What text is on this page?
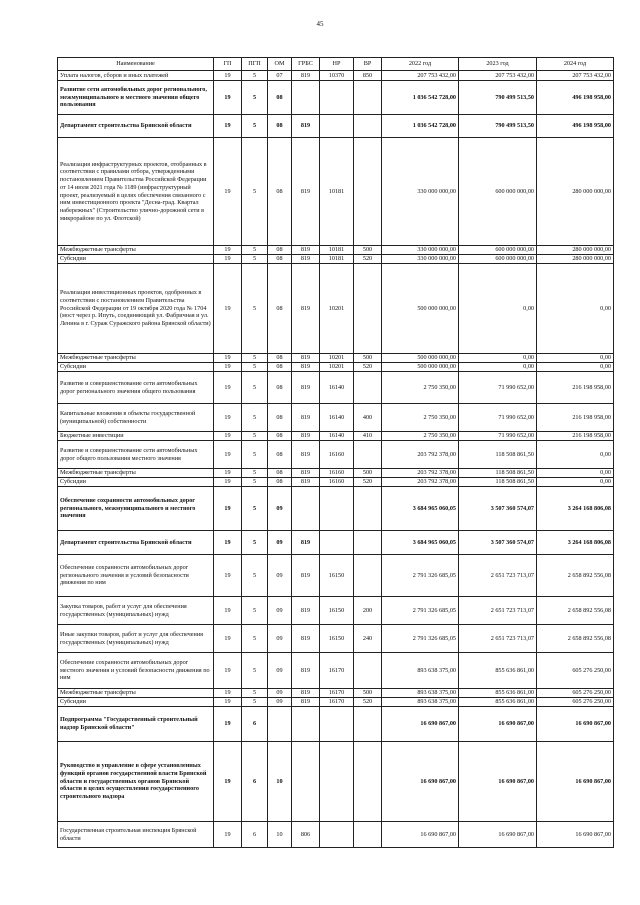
45
Наименование	ГП	ПГП	ОМ	ГРБС	НР	ВР	2022 год	2023 год	2024 год
Уплата налогов, сборов и иных платежей	19	5	07	819	10370	850	207 753 432,00	207 753 432,00	207 753 432,00
Развитие сети автомобильных дорог регионального, межмуниципального и местного значения общего пользования	19	5	08				1 036 542 728,00	790 499 513,50	496 198 958,00
Департамент строительства Брянской области	19	5	08	819			1 036 542 728,00	790 499 513,50	496 198 958,00
Реализация инфраструктурных проектов, отобранных в соответствии с правилами отбора, утвержденными постановлением Правительства Российской Федерации от 14 июля 2021 года № 1189 (инфраструктурный проект, реализуемый в целях обеспечения связанного с ним инвестиционного проекта "Десна-град. Квартал набережных" (Строительство улично-дорожной сети в микрорайоне по ул. Флотской)	19	5	08	819	10181		330 000 000,00	600 000 000,00	280 000 000,00
Межбюджетные трансферты	19	5	08	819	10181	500	330 000 000,00	600 000 000,00	280 000 000,00
Субсидии	19	5	08	819	10181	520	330 000 000,00	600 000 000,00	280 000 000,00
Реализация инвестиционных проектов, одобренных в соответствии с постановлением Правительства Российской Федерации от 19 октября 2020 года № 1704 (мост через р. Ипуть, соединяющий ул. Фабричная и ул. Ленина в г. Сураж Суражского района Брянской области)	19	5	08	819	10201		500 000 000,00	0,00	0,00
Межбюджетные трансферты	19	5	08	819	10201	500	500 000 000,00	0,00	0,00
Субсидии	19	5	08	819	10201	520	500 000 000,00	0,00	0,00
Развитие и совершенствование сети автомобильных дорог регионального значения общего пользования	19	5	08	819	16140		2 750 350,00	71 990 652,00	216 198 958,00
Капитальные вложения в объекты государственной (муниципальной) собственности	19	5	08	819	16140	400	2 750 350,00	71 990 652,00	216 198 958,00
Бюджетные инвестиции	19	5	08	819	16140	410	2 750 350,00	71 990 652,00	216 198 958,00
Развитие и совершенствование сети автомобильных дорог общего пользования местного значения	19	5	08	819	16160		203 792 378,00	118 508 861,50	0,00
Межбюджетные трансферты	19	5	08	819	16160	500	203 792 378,00	118 508 861,50	0,00
Субсидии	19	5	08	819	16160	520	203 792 378,00	118 508 861,50	0,00
Обеспечение сохранности автомобильных дорог регионального, межмуниципального и местного значения	19	5	09				3 684 965 060,05	3 507 360 574,07	3 264 168 806,08
Департамент строительства Брянской области	19	5	09	819			3 684 965 060,05	3 507 360 574,07	3 264 168 806,08
Обеспечение сохранности автомобильных дорог регионального значения и условий безопасности движения по ним	19	5	09	819	16150		2 791 326 685,05	2 651 723 713,07	2 658 892 556,08
Закупка товаров, работ и услуг для обеспечения государственных (муниципальных) нужд	19	5	09	819	16150	200	2 791 326 685,05	2 651 723 713,07	2 658 892 556,08
Иные закупки товаров, работ и услуг для обеспечения государственных (муниципальных) нужд	19	5	09	819	16150	240	2 791 326 685,05	2 651 723 713,07	2 658 892 556,08
Обеспечение сохранности автомобильных дорог местного значения и условий безопасности движения по ним	19	5	09	819	16170		893 638 375,00	855 636 861,00	605 276 250,00
Межбюджетные трансферты	19	5	09	819	16170	500	893 638 375,00	855 636 861,00	605 276 250,00
Субсидии	19	5	09	819	16170	520	893 638 375,00	855 636 861,00	605 276 250,00
Подпрограмма "Государственный строительный надзор Брянской области"	19	6					16 690 867,00	16 690 867,00	16 690 867,00
Руководство и управление в сфере установленных функций органов государственной власти Брянской области и государственных органов Брянской области в целях осуществления государственного строительного надзора	19	6	10				16 690 867,00	16 690 867,00	16 690 867,00
Государственная строительная инспекция Брянской области	19	6	10	806			16 690 867,00	16 690 867,00	16 690 867,00
